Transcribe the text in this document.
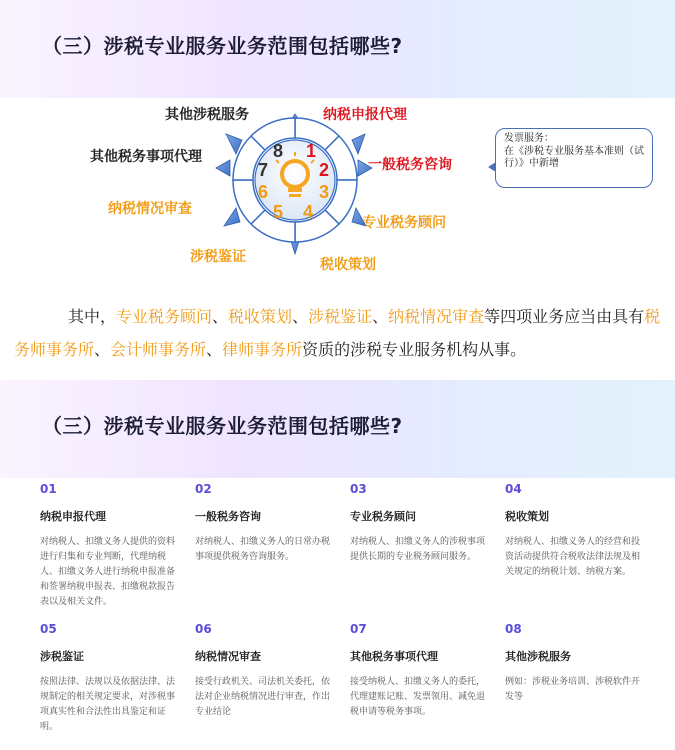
（三）涉税专业服务业务范围包括哪些?
1
2
3
4
5
6
7
8
其他涉税服务	纳税申报代理
其他税务事项代理	一般税务咨询
纳税情况审查
专业税务顾问
涉税鉴证	税收策划
发票服务：
在《涉税专业服务基本准则（试行）》中新增
其中，专业税务顾问、税收策划、涉税鉴证、纳税情况审查等四项业务应当由具有税务师事务所、会计师事务所、律师事务所资质的涉税专业服务机构从事。
（三）涉税专业服务业务范围包括哪些?
01
纳税申报代理
对纳税人、扣缴义务人提供的资料进行归集和专业判断，代理纳税人、扣缴义务人进行纳税申报准备和签署纳税申报表、扣缴税款报告表以及相关文件。
02
一般税务咨询
对纳税人、扣缴义务人的日常办税事项提供税务咨询服务。
03
专业税务顾问
对纳税人、扣缴义务人的涉税事项提供长期的专业税务顾问服务。
04
税收策划
对纳税人、扣缴义务人的经营和投资活动提供符合税收法律法规及相关规定的纳税计划、纳税方案。
05
涉税鉴证
按照法律、法规以及依据法律、法规制定的相关规定要求，对涉税事项真实性和合法性出具鉴定和证明。
06
纳税情况审查
接受行政机关、司法机关委托，依法对企业纳税情况进行审查，作出专业结论
07
其他税务事项代理
接受纳税人、扣缴义务人的委托，代理建账记账、发票领用、减免退税申请等税务事项。
08
其他涉税服务
例如：涉税业务培训、涉税软件开发等
